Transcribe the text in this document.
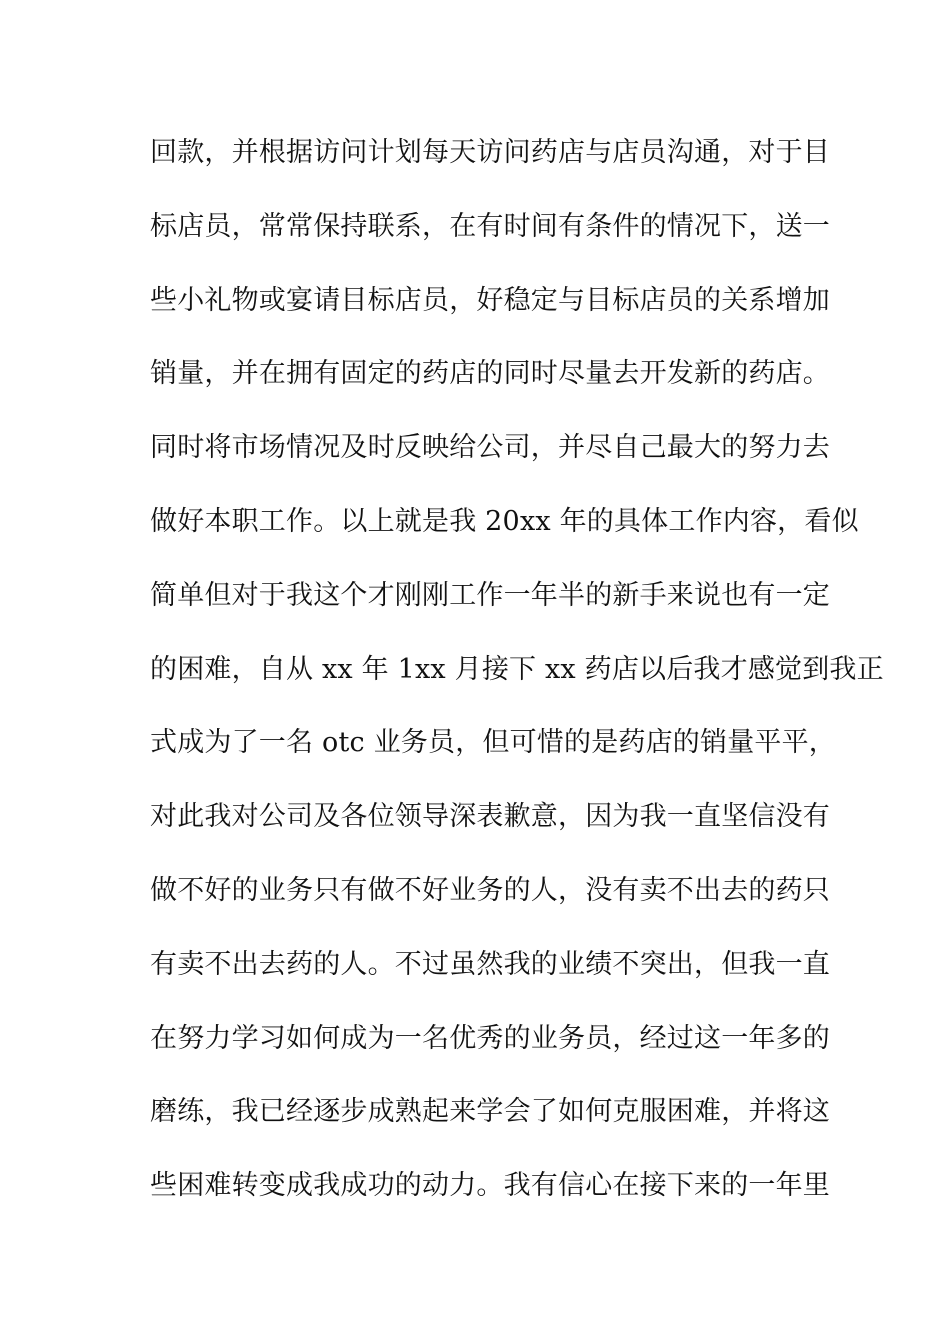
回款，并根据访问计划每天访问药店与店员沟通，对于目
标店员，常常保持联系，在有时间有条件的情况下，送一
些小礼物或宴请目标店员，好稳定与目标店员的关系增加
销量，并在拥有固定的药店的同时尽量去开发新的药店。
同时将市场情况及时反映给公司，并尽自己最大的努力去
做好本职工作。以上就是我 20xx 年的具体工作内容，看似
简单但对于我这个才刚刚工作一年半的新手来说也有一定
的困难，自从 xx 年 1xx 月接下 xx 药店以后我才感觉到我正
式成为了一名 otc 业务员，但可惜的是药店的销量平平，
对此我对公司及各位领导深表歉意，因为我一直坚信没有
做不好的业务只有做不好业务的人，没有卖不出去的药只
有卖不出去药的人。不过虽然我的业绩不突出，但我一直
在努力学习如何成为一名优秀的业务员，经过这一年多的
磨练，我已经逐步成熟起来学会了如何克服困难，并将这
些困难转变成我成功的动力。我有信心在接下来的一年里
